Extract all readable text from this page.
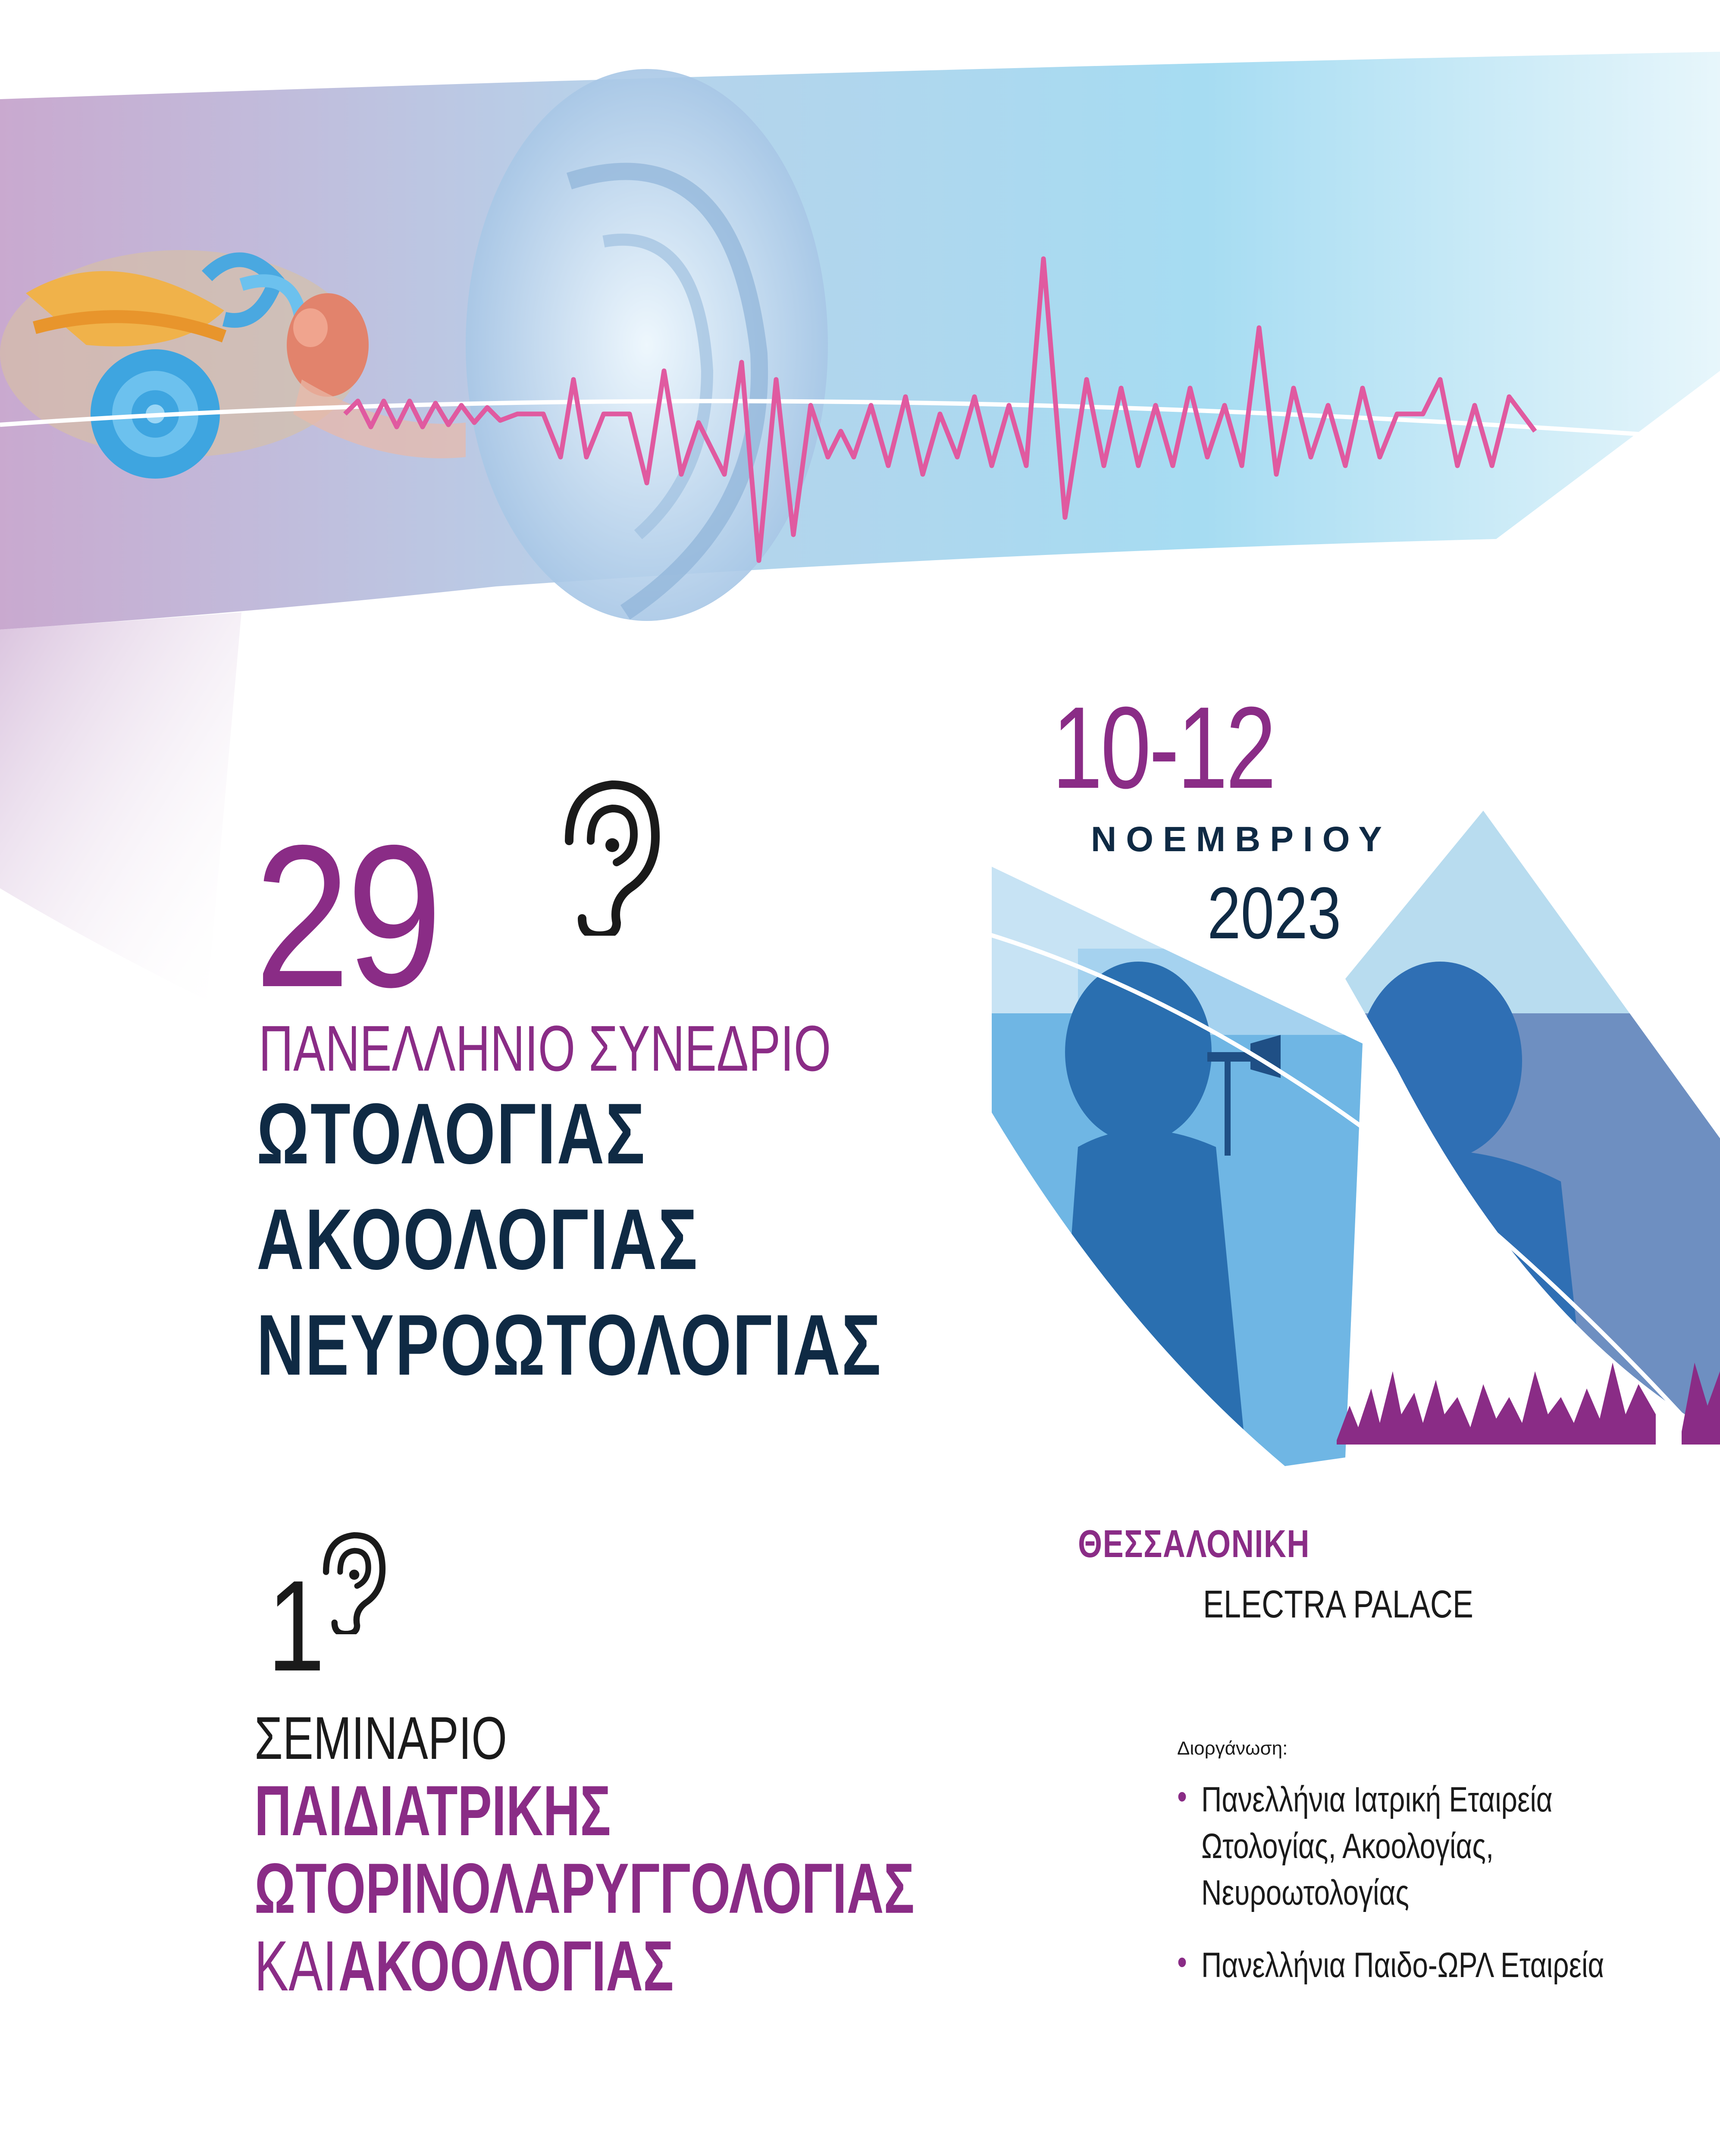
10-12
ΝΟΕΜΒΡΙΟΥ
2023
29
ΠΑΝΕΛΛΗΝΙΟ ΣΥΝΕΔΡΙΟ
ΩΤΟΛΟΓΙΑΣ
ΑΚΟΟΛΟΓΙΑΣ
ΝΕΥΡΟΩΤΟΛΟΓΙΑΣ
1
ΣΕΜΙΝΑΡΙΟ
ΠΑΙΔΙΑΤΡΙΚΗΣ
ΩΤΟΡΙΝΟΛΑΡΥΓΓΟΛΟΓΙΑΣ
ΚΑΙ ΑΚΟΟΛΟΓΙΑΣ
ΘΕΣΣΑΛΟΝΙΚΗ
ELECTRA PALACE
Διοργάνωση:
• Πανελλήνια Ιατρική Εταιρεία
Ωτολογίας, Ακοολογίας,
Νευροωτολογίας
• Πανελλήνια Παιδο-ΩΡΛ Εταιρεία
